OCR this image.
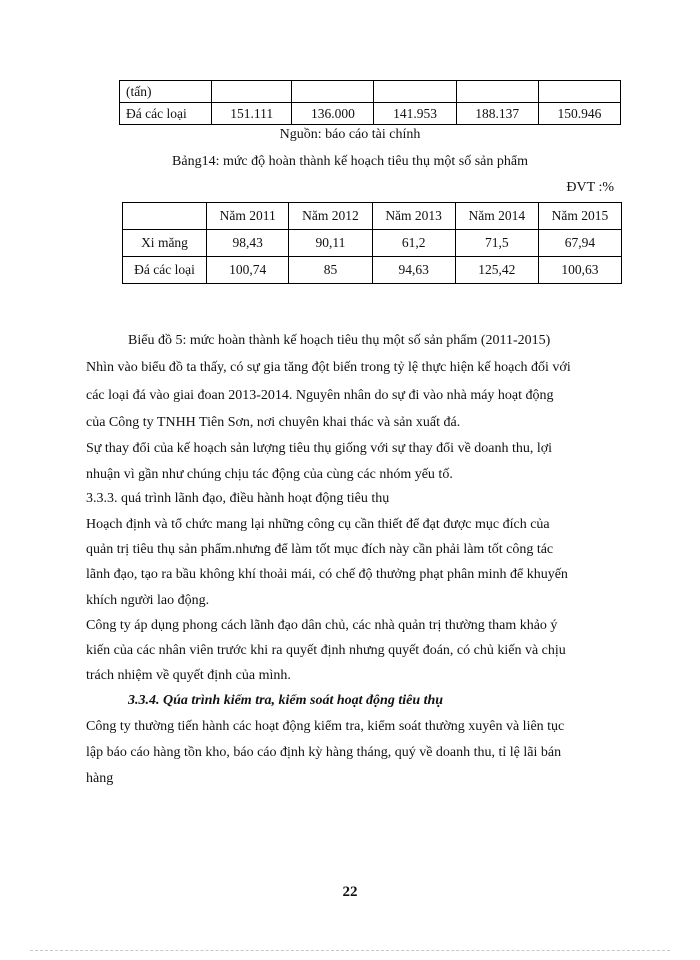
(tấn)					
Đá các loại	151.111	136.000	141.953	188.137	150.946
Nguồn: báo cáo tài chính
Bảng14: mức độ hoàn thành kế hoạch tiêu thụ một số sản phẩm
ĐVT :%
	Năm 2011	Năm 2012	Năm 2013	Năm 2014	Năm 2015
Xi măng	98,43	90,11	61,2	71,5	67,94
Đá các loại	100,74	85	94,63	125,42	100,63
Biểu đồ 5: mức hoàn thành kế hoạch tiêu thụ một số sản phẩm (2011-2015)
Nhìn vào biểu đồ ta thấy, có sự gia tăng đột biến trong tỷ lệ thực hiện kế hoạch đối với
các loại đá vào giai đoan 2013-2014. Nguyên nhân do sự đi vào nhà máy hoạt động
của Công ty TNHH Tiên Sơn, nơi chuyên khai thác và sản xuất đá.
Sự thay đổi của kế hoạch sản lượng tiêu thụ giống với sự thay đổi về doanh thu, lợi
nhuận vì gần như chúng chịu tác động của cùng các nhóm yếu tố.
3.3.3. quá trình lãnh đạo, điều hành hoạt động tiêu thụ
Hoạch định và tổ chức mang lại những công cụ cần thiết để đạt được mục đích của
quản trị tiêu thụ sản phẩm.nhưng để làm tốt mục đích này cần phải làm tốt công tác
lãnh đạo, tạo ra bầu không khí thoải mái, có chế độ thưởng phạt phân minh để khuyến
khích người lao động.
Công ty áp dụng phong cách lãnh đạo dân chủ, các nhà quản trị thường tham khảo ý
kiến của các nhân viên trước khi ra quyết định nhưng quyết đoán, có chủ kiến và chịu
trách nhiệm về quyết định của mình.
3.3.4. Qúa trình kiểm tra, kiểm soát hoạt động tiêu thụ
Công ty thường tiến hành các hoạt động kiểm tra, kiểm soát thường xuyên và liên tục
lập báo cáo hàng tồn kho, báo cáo định kỳ hàng tháng, quý về doanh thu, tỉ lệ lãi bán
hàng
22
